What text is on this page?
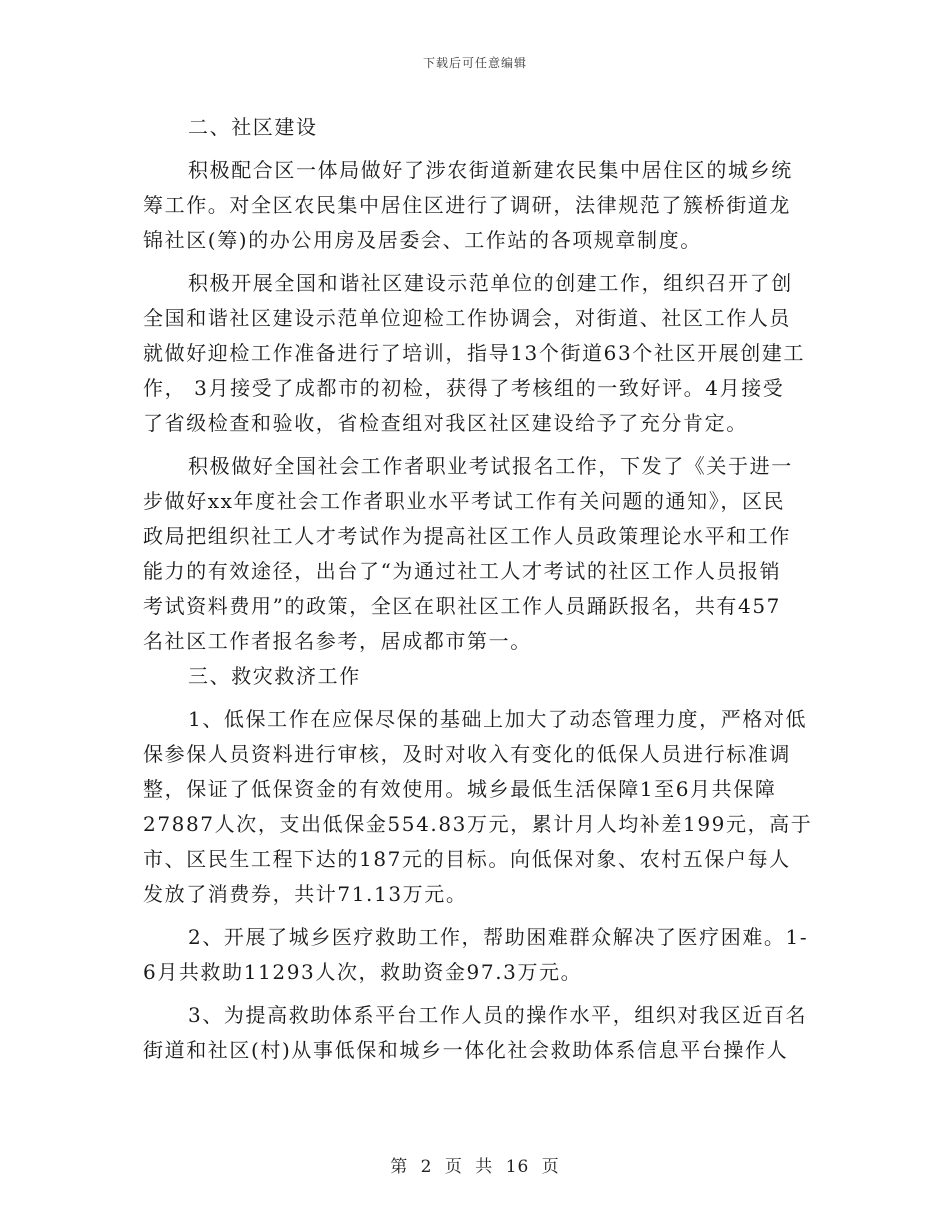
下载后可任意编辑
二、社区建设
积极配合区一体局做好了涉农街道新建农民集中居住区的城乡统
筹工作。对全区农民集中居住区进行了调研，法律规范了簇桥街道龙
锦社区(筹)的办公用房及居委会、工作站的各项规章制度。
积极开展全国和谐社区建设示范单位的创建工作，组织召开了创
全国和谐社区建设示范单位迎检工作协调会，对街道、社区工作人员
就做好迎检工作准备进行了培训，指导13个街道63个社区开展创建工
作， 3月接受了成都市的初检，获得了考核组的一致好评。4月接受
了省级检查和验收，省检查组对我区社区建设给予了充分肯定。
积极做好全国社会工作者职业考试报名工作，下发了《关于进一
步做好xx年度社会工作者职业水平考试工作有关问题的通知》，区民
政局把组织社工人才考试作为提高社区工作人员政策理论水平和工作
能力的有效途径，出台了“为通过社工人才考试的社区工作人员报销
考试资料费用”的政策，全区在职社区工作人员踊跃报名，共有457
名社区工作者报名参考，居成都市第一。
三、救灾救济工作
1、低保工作在应保尽保的基础上加大了动态管理力度，严格对低
保参保人员资料进行审核，及时对收入有变化的低保人员进行标准调
整，保证了低保资金的有效使用。城乡最低生活保障1至6月共保障
27887人次，支出低保金554.83万元，累计月人均补差199元，高于
市、区民生工程下达的187元的目标。向低保对象、农村五保户每人
发放了消费券，共计71.13万元。
2、开展了城乡医疗救助工作，帮助困难群众解决了医疗困难。1-
6月共救助11293人次，救助资金97.3万元。
3、为提高救助体系平台工作人员的操作水平，组织对我区近百名
街道和社区(村)从事低保和城乡一体化社会救助体系信息平台操作人
第 2 页 共 16 页
